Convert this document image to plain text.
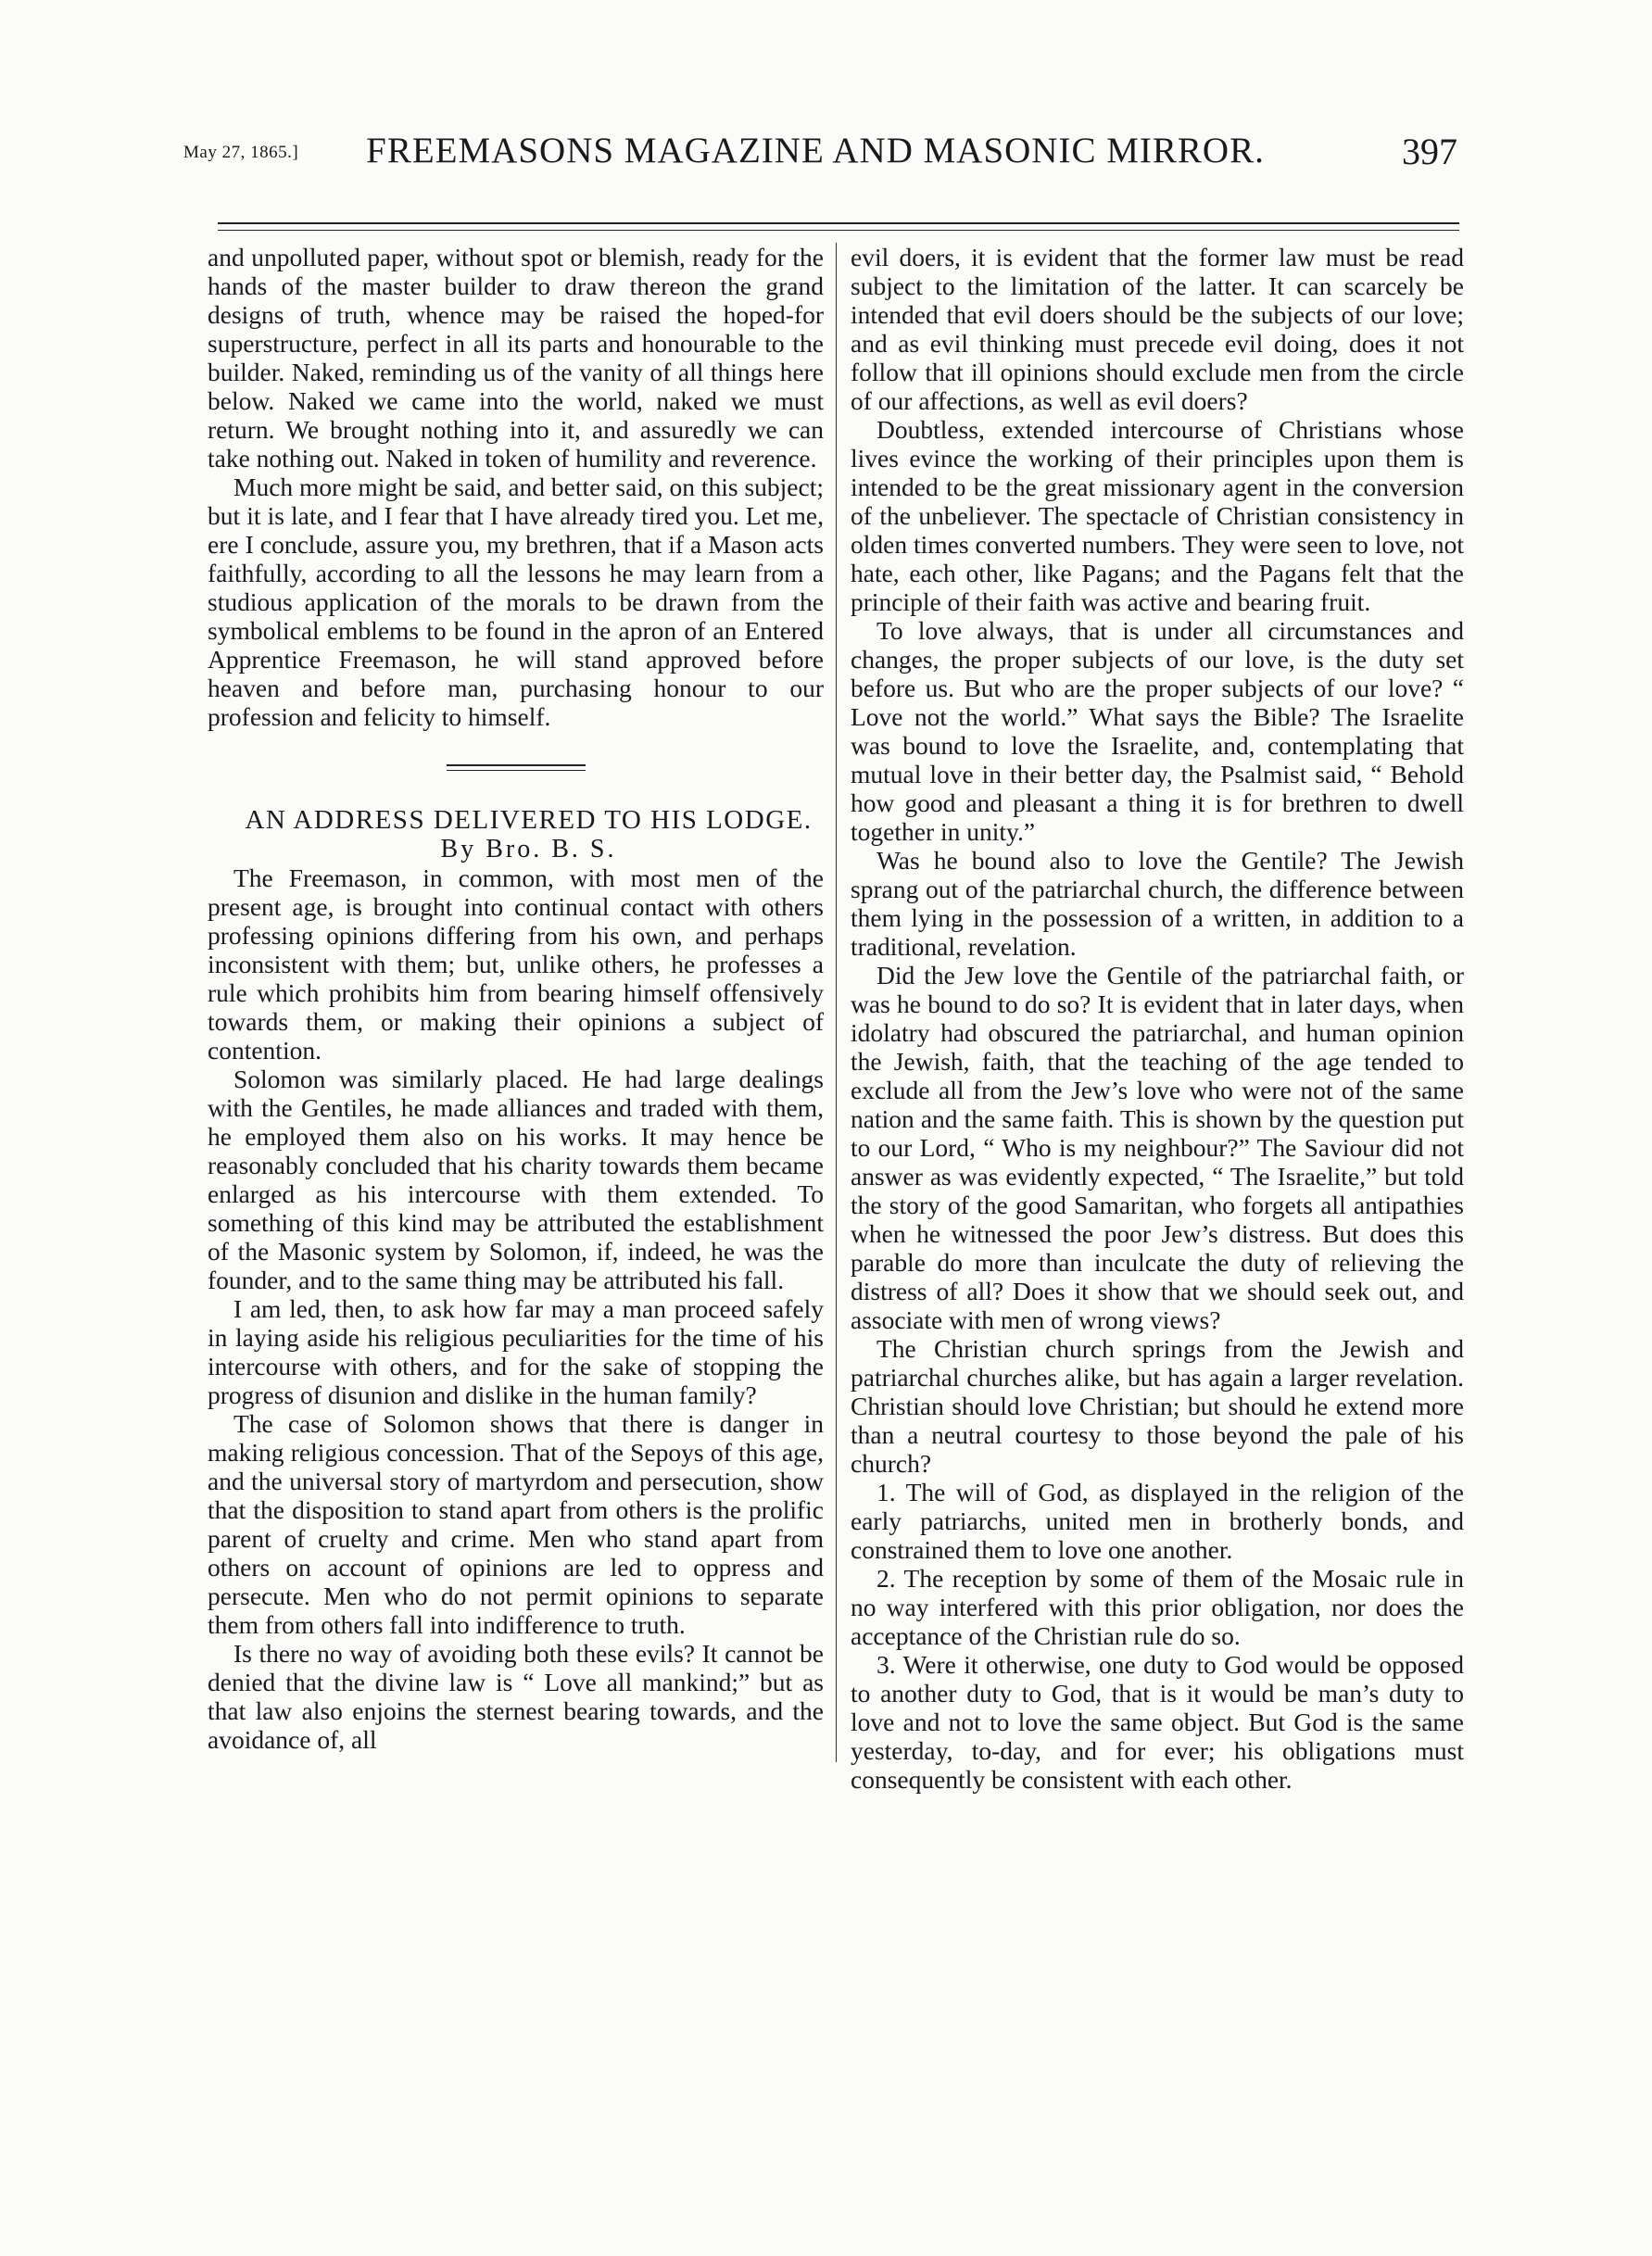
May 27, 1865.]	FREEMASONS MAGAZINE AND MASONIC MIRROR.	397

and unpolluted paper, without spot or blemish, ready for the hands of the master builder to draw thereon the grand designs of truth, whence may be raised the hoped-for superstructure, perfect in all its parts and honourable to the builder. Naked, reminding us of the vanity of all things here below. Naked we came into the world, naked we must return. We brought nothing into it, and assuredly we can take nothing out. Naked in token of humility and reverence.

Much more might be said, and better said, on this subject; but it is late, and I fear that I have already tired you. Let me, ere I conclude, assure you, my brethren, that if a Mason acts faithfully, according to all the lessons he may learn from a studious application of the morals to be drawn from the symbolical emblems to be found in the apron of an Entered Apprentice Freemason, he will stand approved before heaven and before man, purchasing honour to our profession and felicity to himself.

AN ADDRESS DELIVERED TO HIS LODGE.

By Bro. B. S.

The Freemason, in common, with most men of the present age, is brought into continual contact with others professing opinions differing from his own, and perhaps inconsistent with them; but, unlike others, he professes a rule which prohibits him from bearing himself offensively towards them, or making their opinions a subject of contention.

Solomon was similarly placed. He had large dealings with the Gentiles, he made alliances and traded with them, he employed them also on his works. It may hence be reasonably concluded that his charity towards them became enlarged as his intercourse with them extended. To something of this kind may be attributed the establishment of the Masonic system by Solomon, if, indeed, he was the founder, and to the same thing may be attributed his fall.

I am led, then, to ask how far may a man proceed safely in laying aside his religious peculiarities for the time of his intercourse with others, and for the sake of stopping the progress of disunion and dislike in the human family?

The case of Solomon shows that there is danger in making religious concession. That of the Sepoys of this age, and the universal story of martyrdom and persecution, show that the disposition to stand apart from others is the prolific parent of cruelty and crime. Men who stand apart from others on account of opinions are led to oppress and persecute. Men who do not permit opinions to separate them from others fall into indifference to truth.

Is there no way of avoiding both these evils? It cannot be denied that the divine law is “ Love all mankind;” but as that law also enjoins the sternest bearing towards, and the avoidance of, all

evil doers, it is evident that the former law must be read subject to the limitation of the latter. It can scarcely be intended that evil doers should be the subjects of our love; and as evil thinking must precede evil doing, does it not follow that ill opinions should exclude men from the circle of our affections, as well as evil doers?

Doubtless, extended intercourse of Christians whose lives evince the working of their principles upon them is intended to be the great missionary agent in the conversion of the unbeliever. The spectacle of Christian consistency in olden times converted numbers. They were seen to love, not hate, each other, like Pagans; and the Pagans felt that the principle of their faith was active and bearing fruit.

To love always, that is under all circumstances and changes, the proper subjects of our love, is the duty set before us. But who are the proper subjects of our love? “ Love not the world.” What says the Bible? The Israelite was bound to love the Israelite, and, contemplating that mutual love in their better day, the Psalmist said, “ Behold how good and pleasant a thing it is for brethren to dwell together in unity.”

Was he bound also to love the Gentile? The Jewish sprang out of the patriarchal church, the difference between them lying in the possession of a written, in addition to a traditional, revelation.

Did the Jew love the Gentile of the patriarchal faith, or was he bound to do so? It is evident that in later days, when idolatry had obscured the patriarchal, and human opinion the Jewish, faith, that the teaching of the age tended to exclude all from the Jew’s love who were not of the same nation and the same faith. This is shown by the question put to our Lord, “ Who is my neighbour?” The Saviour did not answer as was evidently expected, “ The Israelite,” but told the story of the good Samaritan, who forgets all antipathies when he witnessed the poor Jew’s distress. But does this parable do more than inculcate the duty of relieving the distress of all? Does it show that we should seek out, and associate with men of wrong views?

The Christian church springs from the Jewish and patriarchal churches alike, but has again a larger revelation. Christian should love Christian; but should he extend more than a neutral courtesy to those beyond the pale of his church?

1. The will of God, as displayed in the religion of the early patriarchs, united men in brotherly bonds, and constrained them to love one another.

2. The reception by some of them of the Mosaic rule in no way interfered with this prior obligation, nor does the acceptance of the Christian rule do so.

3. Were it otherwise, one duty to God would be opposed to another duty to God, that is it would be man’s duty to love and not to love the same object. But God is the same yesterday, to-day, and for ever; his obligations must consequently be consistent with each other.
